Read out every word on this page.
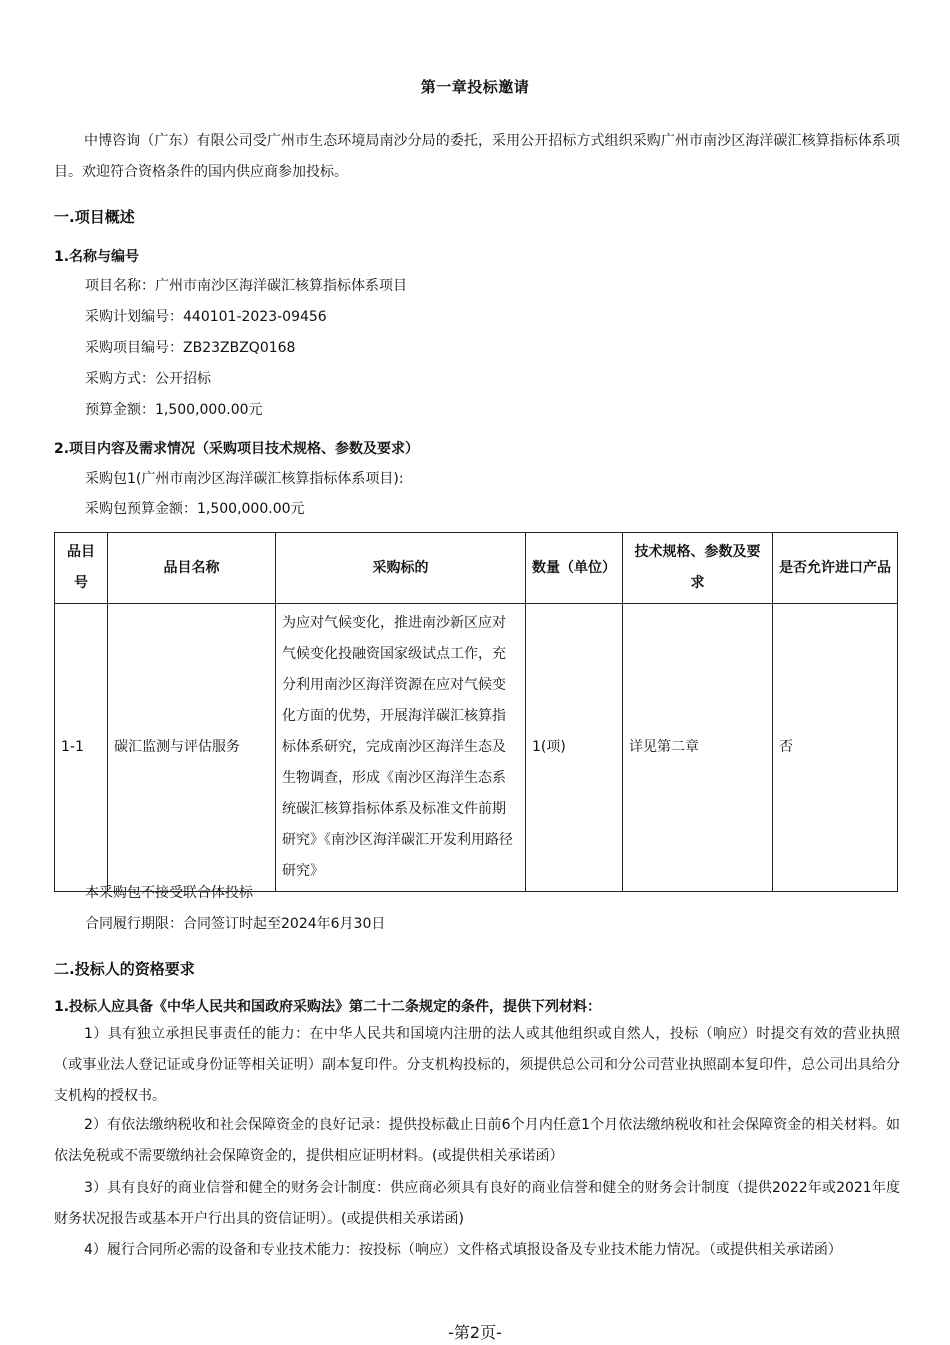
第一章投标邀请
中博咨询（广东）有限公司受广州市生态环境局南沙分局的委托，采用公开招标方式组织采购广州市南沙区海洋碳汇核算指标体系项目。欢迎符合资格条件的国内供应商参加投标。
一.项目概述
1.名称与编号
项目名称：广州市南沙区海洋碳汇核算指标体系项目
采购计划编号：440101-2023-09456
采购项目编号：ZB23ZBZQ0168
采购方式：公开招标
预算金额：1,500,000.00元
2.项目内容及需求情况（采购项目技术规格、参数及要求）
采购包1(广州市南沙区海洋碳汇核算指标体系项目):
采购包预算金额：1,500,000.00元
品目号	品目名称	采购标的	数量（单位）	技术规格、参数及要求	是否允许进口产品
1-1	碳汇监测与评估服务	为应对气候变化，推进南沙新区应对气候变化投融资国家级试点工作，充分利用南沙区海洋资源在应对气候变化方面的优势，开展海洋碳汇核算指标体系研究，完成南沙区海洋生态及生物调查，形成《南沙区海洋生态系统碳汇核算指标体系及标准文件前期研究》《南沙区海洋碳汇开发利用路径研究》	1(项)	详见第二章	否
本采购包不接受联合体投标
合同履行期限：合同签订时起至2024年6月30日
二.投标人的资格要求
1.投标人应具备《中华人民共和国政府采购法》第二十二条规定的条件，提供下列材料：
1）具有独立承担民事责任的能力：在中华人民共和国境内注册的法人或其他组织或自然人，投标（响应）时提交有效的营业执照（或事业法人登记证或身份证等相关证明）副本复印件。分支机构投标的，须提供总公司和分公司营业执照副本复印件，总公司出具给分支机构的授权书。
2）有依法缴纳税收和社会保障资金的良好记录：提供投标截止日前6个月内任意1个月依法缴纳税收和社会保障资金的相关材料。如依法免税或不需要缴纳社会保障资金的，提供相应证明材料。(或提供相关承诺函）
3）具有良好的商业信誉和健全的财务会计制度：供应商必须具有良好的商业信誉和健全的财务会计制度（提供2022年或2021年度财务状况报告或基本开户行出具的资信证明）。(或提供相关承诺函)
4）履行合同所必需的设备和专业技术能力：按投标（响应）文件格式填报设备及专业技术能力情况。（或提供相关承诺函）
-第2页-
